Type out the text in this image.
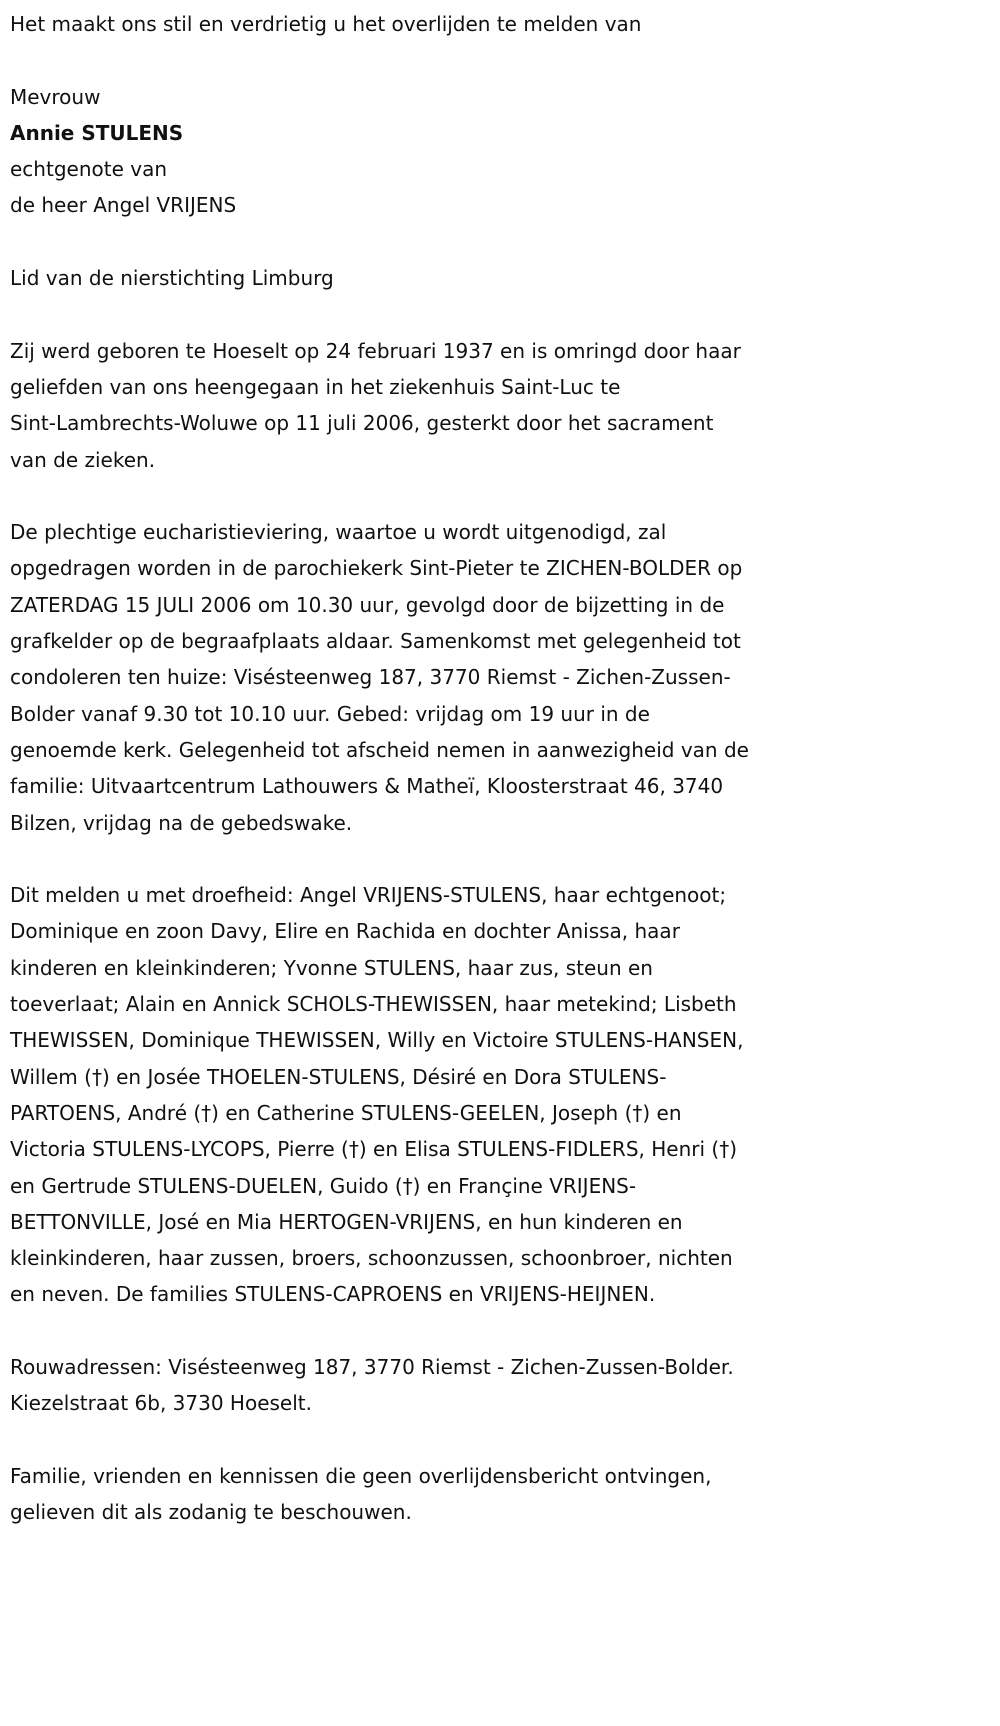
Het maakt ons stil en verdrietig u het overlijden te melden van

Mevrouw

Annie STULENS

echtgenote van

de heer Angel VRIJENS

Lid van de nierstichting Limburg

Zij werd geboren te Hoeselt op 24 februari 1937 en is omringd door haar

geliefden van ons heengegaan in het ziekenhuis Saint-Luc te

Sint-Lambrechts-Woluwe op 11 juli 2006, gesterkt door het sacrament

van de zieken.

De plechtige eucharistieviering, waartoe u wordt uitgenodigd, zal

opgedragen worden in de parochiekerk Sint-Pieter te ZICHEN-BOLDER op

ZATERDAG 15 JULI 2006 om 10.30 uur, gevolgd door de bijzetting in de

grafkelder op de begraafplaats aldaar. Samenkomst met gelegenheid tot

condoleren ten huize: Visésteenweg 187, 3770 Riemst - Zichen-Zussen-

Bolder vanaf 9.30 tot 10.10 uur. Gebed: vrijdag om 19 uur in de

genoemde kerk. Gelegenheid tot afscheid nemen in aanwezigheid van de

familie: Uitvaartcentrum Lathouwers & Matheï, Kloosterstraat 46, 3740

Bilzen, vrijdag na de gebedswake.

Dit melden u met droefheid: Angel VRIJENS-STULENS, haar echtgenoot;

Dominique en zoon Davy, Elire en Rachida en dochter Anissa, haar

kinderen en kleinkinderen; Yvonne STULENS, haar zus, steun en

toeverlaat; Alain en Annick SCHOLS-THEWISSEN, haar metekind; Lisbeth

THEWISSEN, Dominique THEWISSEN, Willy en Victoire STULENS-HANSEN,

Willem (†) en Josée THOELEN-STULENS, Désiré en Dora STULENS-

PARTOENS, André (†) en Catherine STULENS-GEELEN, Joseph (†) en

Victoria STULENS-LYCOPS, Pierre (†) en Elisa STULENS-FIDLERS, Henri (†)

en Gertrude STULENS-DUELEN, Guido (†) en Françine VRIJENS-

BETTONVILLE, José en Mia HERTOGEN-VRIJENS, en hun kinderen en

kleinkinderen, haar zussen, broers, schoonzussen, schoonbroer, nichten

en neven. De families STULENS-CAPROENS en VRIJENS-HEIJNEN.

Rouwadressen: Visésteenweg 187, 3770 Riemst - Zichen-Zussen-Bolder.

Kiezelstraat 6b, 3730 Hoeselt.

Familie, vrienden en kennissen die geen overlijdensbericht ontvingen,

gelieven dit als zodanig te beschouwen.
